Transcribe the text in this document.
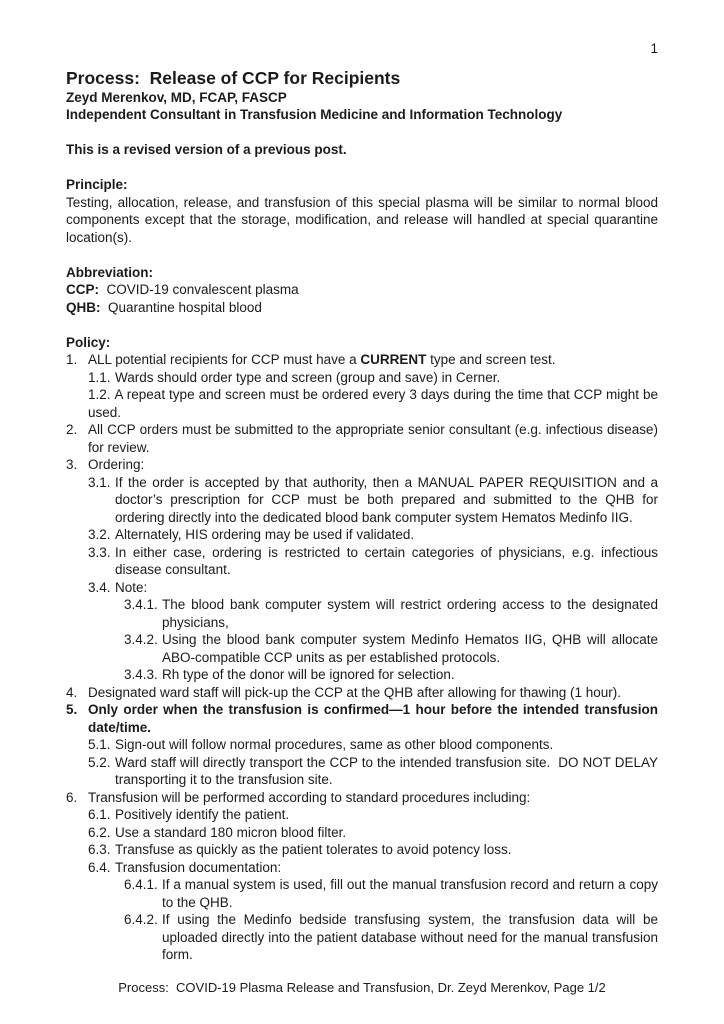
1
Process:  Release of CCP for Recipients
Zeyd Merenkov, MD, FCAP, FASCP
Independent Consultant in Transfusion Medicine and Information Technology
This is a revised version of a previous post.
Principle:
Testing, allocation, release, and transfusion of this special plasma will be similar to normal blood components except that the storage, modification, and release will handled at special quarantine location(s).
Abbreviation:
CCP:  COVID-19 convalescent plasma
QHB:  Quarantine hospital blood
Policy:
1. ALL potential recipients for CCP must have a CURRENT type and screen test.
1.1. Wards should order type and screen (group and save) in Cerner.
1.2. A repeat type and screen must be ordered every 3 days during the time that CCP might be used.
2. All CCP orders must be submitted to the appropriate senior consultant (e.g. infectious disease) for review.
3. Ordering:
3.1. If the order is accepted by that authority, then a MANUAL PAPER REQUISITION and a doctor’s prescription for CCP must be both prepared and submitted to the QHB for ordering directly into the dedicated blood bank computer system Hematos Medinfo IIG.
3.2. Alternately, HIS ordering may be used if validated.
3.3. In either case, ordering is restricted to certain categories of physicians, e.g. infectious disease consultant.
3.4. Note:
3.4.1. The blood bank computer system will restrict ordering access to the designated physicians,
3.4.2. Using the blood bank computer system Medinfo Hematos IIG, QHB will allocate ABO-compatible CCP units as per established protocols.
3.4.3. Rh type of the donor will be ignored for selection.
4. Designated ward staff will pick-up the CCP at the QHB after allowing for thawing (1 hour).
5. Only order when the transfusion is confirmed—1 hour before the intended transfusion date/time.
5.1. Sign-out will follow normal procedures, same as other blood components.
5.2. Ward staff will directly transport the CCP to the intended transfusion site.  DO NOT DELAY transporting it to the transfusion site.
6. Transfusion will be performed according to standard procedures including:
6.1. Positively identify the patient.
6.2. Use a standard 180 micron blood filter.
6.3. Transfuse as quickly as the patient tolerates to avoid potency loss.
6.4. Transfusion documentation:
6.4.1. If a manual system is used, fill out the manual transfusion record and return a copy to the QHB.
6.4.2. If using the Medinfo bedside transfusing system, the transfusion data will be uploaded directly into the patient database without need for the manual transfusion form.
Process:  COVID-19 Plasma Release and Transfusion, Dr. Zeyd Merenkov, Page 1/2
